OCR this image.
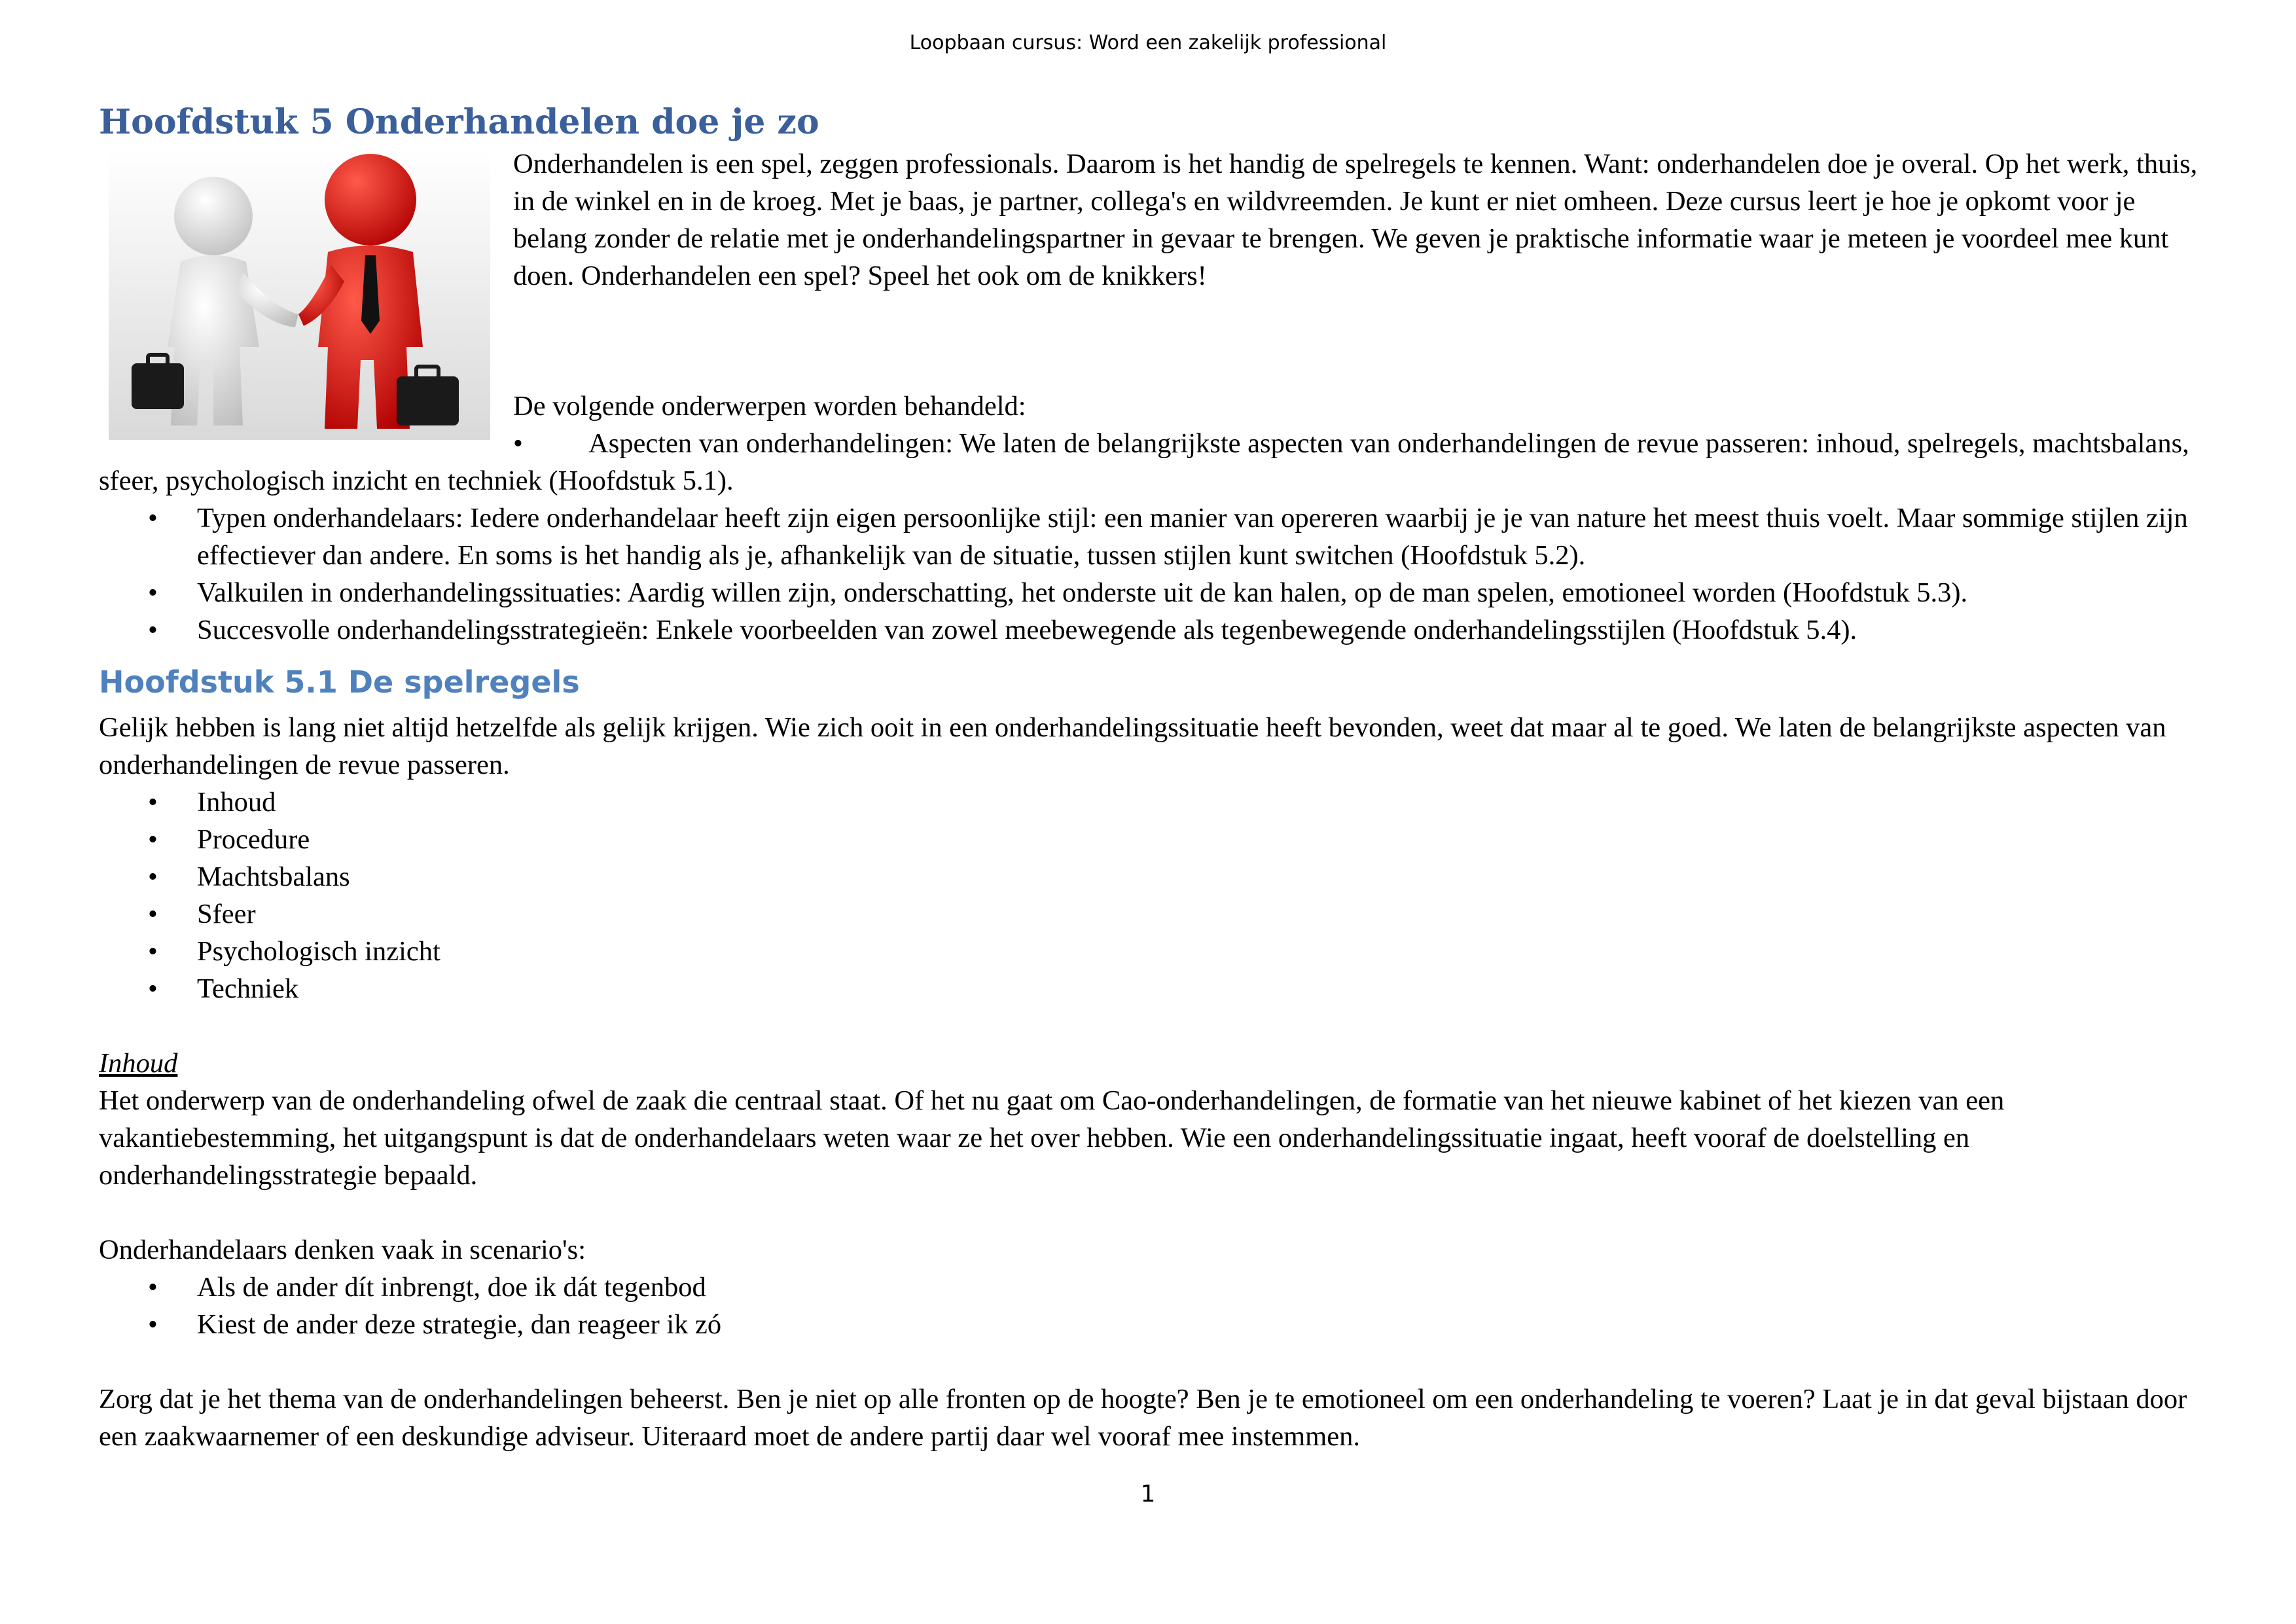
Loopbaan cursus: Word een zakelijk professional
Hoofdstuk 5 Onderhandelen doe je zo

Onderhandelen is een spel, zeggen professionals. Daarom is het handig de spelregels te kennen. Want: onderhandelen doe je overal. Op het werk, thuis, in de winkel en in de kroeg. Met je baas, je partner, collega's en wildvreemden. Je kunt er niet omheen. Deze cursus leert je hoe je opkomt voor je belang zonder de relatie met je onderhandelingspartner in gevaar te brengen. We geven je praktische informatie waar je meteen je voordeel mee kunt doen. Onderhandelen een spel? Speel het ook om de knikkers!

De volgende onderwerpen worden behandeld:

• Aspecten van onderhandelingen: We laten de belangrijkste aspecten van onderhandelingen de revue passeren: inhoud, spelregels, machtsbalans, sfeer, psychologisch inzicht en techniek (Hoofdstuk 5.1).
• Typen onderhandelaars: Iedere onderhandelaar heeft zijn eigen persoonlijke stijl: een manier van opereren waarbij je je van nature het meest thuis voelt. Maar sommige stijlen zijn effectiever dan andere. En soms is het handig als je, afhankelijk van de situatie, tussen stijlen kunt switchen (Hoofdstuk 5.2).
• Valkuilen in onderhandelingssituaties: Aardig willen zijn, onderschatting, het onderste uit de kan halen, op de man spelen, emotioneel worden (Hoofdstuk 5.3).
• Succesvolle onderhandelingsstrategieën: Enkele voorbeelden van zowel meebewegende als tegenbewegende onderhandelingsstijlen (Hoofdstuk 5.4).
Hoofdstuk 5.1 De spelregels

Gelijk hebben is lang niet altijd hetzelfde als gelijk krijgen. Wie zich ooit in een onderhandelingssituatie heeft bevonden, weet dat maar al te goed. We laten de belangrijkste aspecten van onderhandelingen de revue passeren.

• Inhoud
• Procedure
• Machtsbalans
• Sfeer
• Psychologisch inzicht
• Techniek

Inhoud

Het onderwerp van de onderhandeling ofwel de zaak die centraal staat. Of het nu gaat om Cao-onderhandelingen, de formatie van het nieuwe kabinet of het kiezen van een vakantiebestemming, het uitgangspunt is dat de onderhandelaars weten waar ze het over hebben. Wie een onderhandelingssituatie ingaat, heeft vooraf de doelstelling en onderhandelingsstrategie bepaald.

Onderhandelaars denken vaak in scenario's:

• Als de ander dít inbrengt, doe ik dát tegenbod
• Kiest de ander deze strategie, dan reageer ik zó

Zorg dat je het thema van de onderhandelingen beheerst. Ben je niet op alle fronten op de hoogte? Ben je te emotioneel om een onderhandeling te voeren? Laat je in dat geval bijstaan door een zaakwaarnemer of een deskundige adviseur. Uiteraard moet de andere partij daar wel vooraf mee instemmen.

1
